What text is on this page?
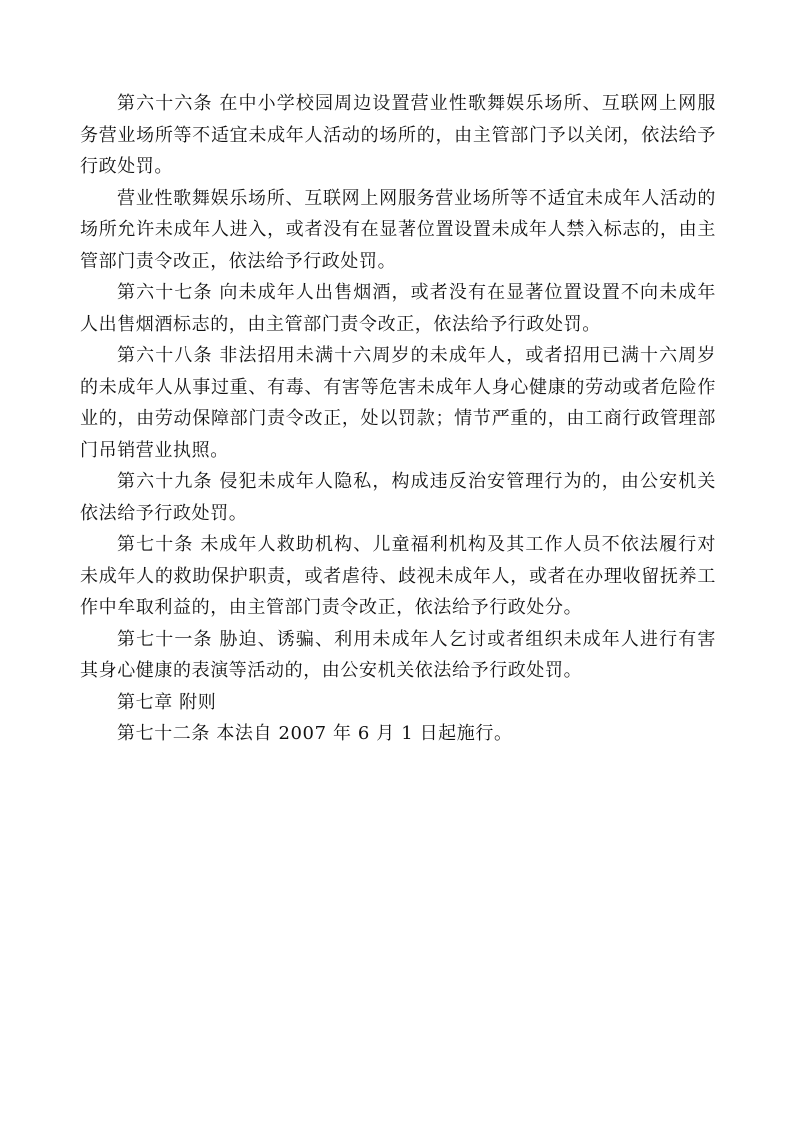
第六十六条 在中小学校园周边设置营业性歌舞娱乐场所、互联网上网服务营业场所等不适宜未成年人活动的场所的，由主管部门予以关闭，依法给予行政处罚。

营业性歌舞娱乐场所、互联网上网服务营业场所等不适宜未成年人活动的场所允许未成年人进入，或者没有在显著位置设置未成年人禁入标志的，由主管部门责令改正，依法给予行政处罚。

第六十七条 向未成年人出售烟酒，或者没有在显著位置设置不向未成年人出售烟酒标志的，由主管部门责令改正，依法给予行政处罚。

第六十八条 非法招用未满十六周岁的未成年人，或者招用已满十六周岁的未成年人从事过重、有毒、有害等危害未成年人身心健康的劳动或者危险作业的，由劳动保障部门责令改正，处以罚款；情节严重的，由工商行政管理部门吊销营业执照。

第六十九条 侵犯未成年人隐私，构成违反治安管理行为的，由公安机关依法给予行政处罚。

第七十条 未成年人救助机构、儿童福利机构及其工作人员不依法履行对未成年人的救助保护职责，或者虐待、歧视未成年人，或者在办理收留抚养工作中牟取利益的，由主管部门责令改正，依法给予行政处分。

第七十一条 胁迫、诱骗、利用未成年人乞讨或者组织未成年人进行有害其身心健康的表演等活动的，由公安机关依法给予行政处罚。

第七章 附则

第七十二条 本法自 2007 年 6 月 1 日起施行。
